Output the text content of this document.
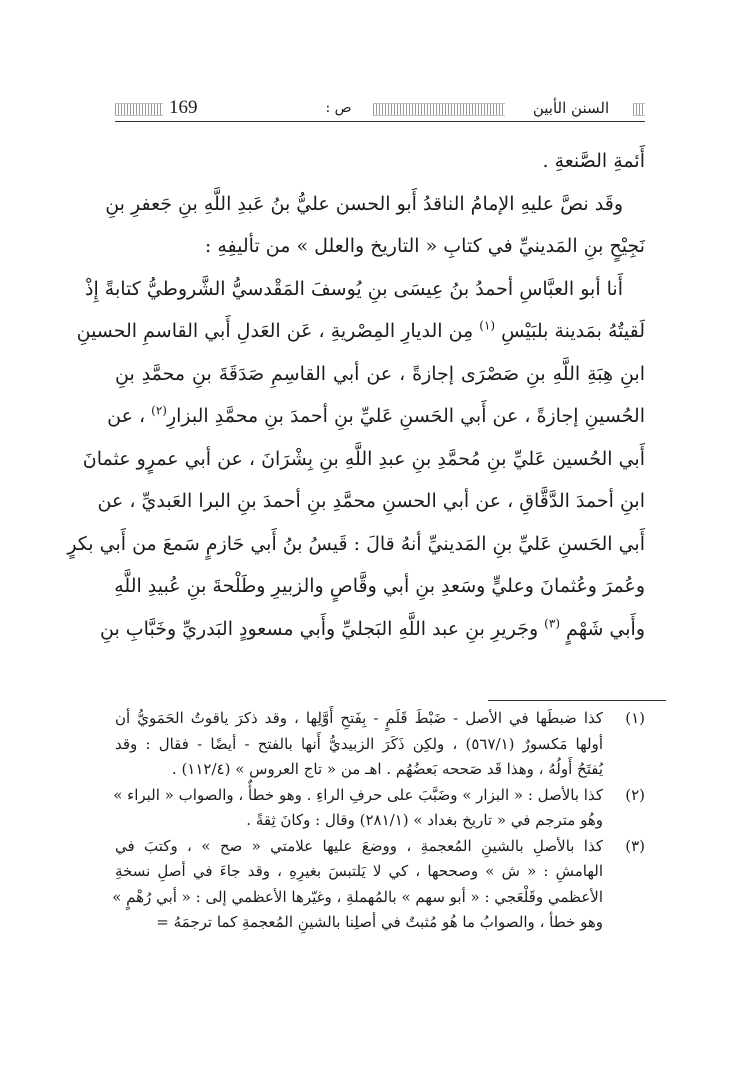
169	ص :	السنن الأبين
أَئمةِ الصَّنعةِ .
وقَد نصَّ عليهِ الإمامُ الناقدُ أَبو الحسن عليُّ بنُ عَبدِ اللَّهِ بنِ جَعفرِ بنِ
نَجِيْحٍ بنِ المَدينيِّ في كتابِ « التاريخ والعلل » من تأليفِهِ :
أَنا أبو العبَّاسِ أحمدُ بنُ عِيسَى بنِ يُوسفَ المَقْدسيُّ الشَّروطيُّ كتابةً إِذْ
لَقيتُهُ بمَدينة بلبَيْسِ $^{(١)}$ مِن الديارِ المِصْريةِ ، عَن العَدلِ أَبي القاسمِ الحسينِ
ابنِ هِبَةِ اللَّهِ بنِ صَصْرَى إجازةً ، عن أبي القاسِمِ صَدَقَةَ بنِ محمَّدِ بنِ
الحُسينِ إجازةً ، عن أَبي الحَسنِ عَليِّ بنِ أحمدَ بنِ محمَّدِ البزارِ$^{(٢)}$ ، عن
أَبي الحُسين عَليِّ بنِ مُحمَّدِ بنِ عبدِ اللَّهِ بنِ بِشْرَانَ ، عن أبي عمرٍو عثمانَ
ابنِ أحمدَ الدَّقَّاقِ ، عن أبي الحسنِ محمَّدِ بنِ أحمدَ بنِ البرا العَبديِّ ، عن
أَبي الحَسنِ عَليِّ بنِ المَدينيِّ أنهُ قالَ : قَيسُ بنُ أَبي حَازمٍ سَمعَ من أَبي بكرٍ
وعُمرَ وعُثمانَ وعليٍّ وسَعدِ بنِ أبي وقَّاصٍ والزبيرِ وطَلْحةَ بنِ عُبيدِ اللَّهِ
وأَبي شَهْمٍ $^{(٣)}$ وجَريرِ بنِ عبد اللَّهِ البَجليِّ وأَبي مسعودٍ البَدريِّ وخَبَّابِ بنِ
(١)
كذا ضبطَها في الأصل - ضَبْطَ قَلَمٍ - بِفَتحِ أَوَّلِها ، وقد ذكرَ ياقوتُ الحَمَويُّ أن
أولها مَكسورٌ (٥٦٧/١) ، ولكِن ذَكَرَ الزبيديُّ أَنها بالفتح - أيضًا - فقال : وقد
يُفتَحُ أَولُهُ ، وهذا قَد صَححه بَعضُهُم . اهـ من « تاج العروس » (١١٢/٤) .
(٢)
كذا بالأصل : « البزار » وضَبَّبَ على حرفِ الراءِ . وهو خطأٌ ، والصواب « البراء »
وهُو مترجم في « تاريخ بغداد » (٢٨١/١) وقال : وكانَ ثِقةً .
(٣)
كذا بالأصلِ بالشينِ المُعجمةِ ، ووضعَ عليها علامتي « صح » ، وكتبَ في
الهامشِ : « ش » وصححها ، كي لا يَلتبسَ بغيرِهِ ، وقد جاءَ في أصلِ نسخةِ
الأعظمي وقَلْعَجي : « أبو سهم » بالمُهملةِ ، وغيّرها الأعظمي إلى : « أبي رُهْمٍ »
وهو خطأ ، والصوابُ ما هُو مُثبتٌ في أصلِنا بالشينِ المُعجمةِ كما ترجمَهُ =
